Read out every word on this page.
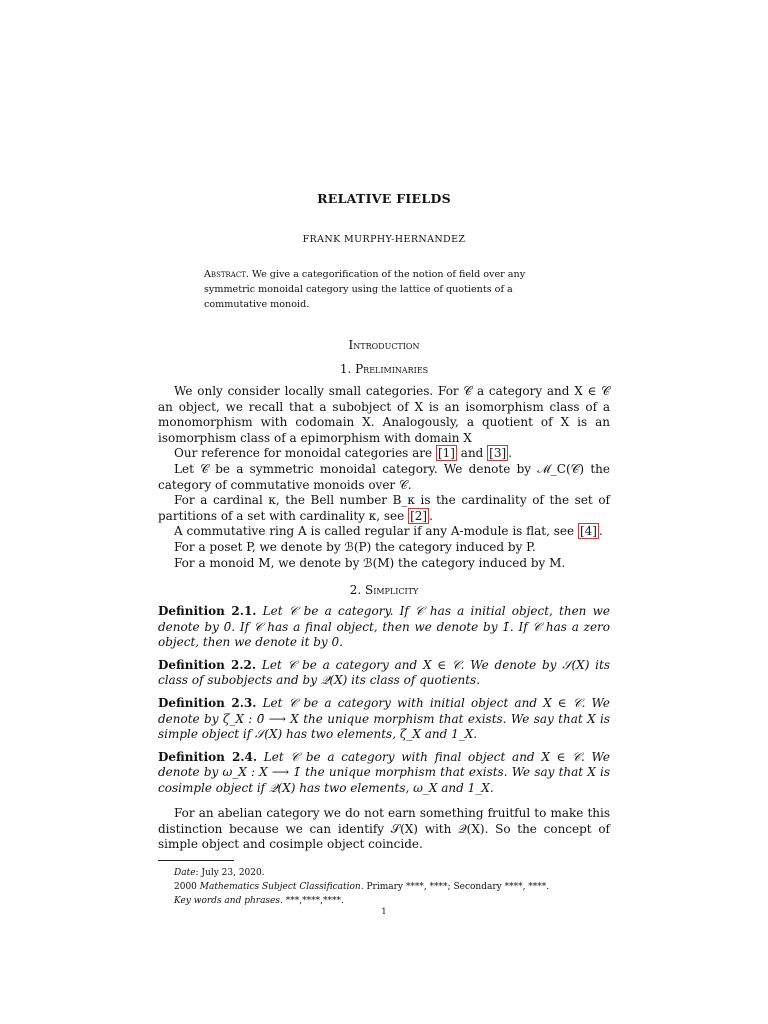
RELATIVE FIELDS
FRANK MURPHY-HERNANDEZ
Abstract. We give a categorification of the notion of field over any symmetric monoidal category using the lattice of quotients of a commutative monoid.
Introduction
1. Preliminaries

We only consider locally small categories. For 𝒞 a category and X ∈ 𝒞 an object, we recall that a subobject of X is an isomorphism class of a monomorphism with codomain X. Analogously, a quotient of X is an isomorphism class of a epimorphism with domain X

Our reference for monoidal categories are [1] and [3] .

Let 𝒞 be a symmetric monoidal category. We denote by ℳ_C(𝒞) the category of commutative monoids over 𝒞.

For a cardinal κ, the Bell number B_κ is the cardinality of the set of partitions of a set with cardinality κ, see [2] .

A commutative ring A is called regular if any A-module is flat, see [4] .

For a poset P, we denote by ℬ(P) the category induced by P.

For a monoid M, we denote by ℬ(M) the category induced by M.

2. Simplicity
Definition 2.1. Let 𝒞 be a category. If 𝒞 has a initial object, then we denote by 0̄. If 𝒞 has a final object, then we denote by 1̄. If 𝒞 has a zero object, then we denote it by 0.
Definition 2.2. Let 𝒞 be a category and X ∈ 𝒞. We denote by 𝒮(X) its class of subobjects and by 𝒬(X) its class of quotients.
Definition 2.3. Let 𝒞 be a category with initial object and X ∈ 𝒞. We denote by ζ_X : 0̄ ⟶ X the unique morphism that exists. We say that X is simple object if 𝒮(X) has two elements, ζ_X and 1_X.
Definition 2.4. Let 𝒞 be a category with final object and X ∈ 𝒞. We denote by ω_X : X ⟶ 1̄ the unique morphism that exists. We say that X is cosimple object if 𝒬(X) has two elements, ω_X and 1_X.

For an abelian category we do not earn something fruitful to make this distinction because we can identify 𝒮(X) with 𝒬(X). So the concept of simple object and cosimple object coincide.

Date: July 23, 2020.
2000 Mathematics Subject Classification. Primary ****, ****; Secondary ****, ****.
Key words and phrases. ***,****,****.
1
